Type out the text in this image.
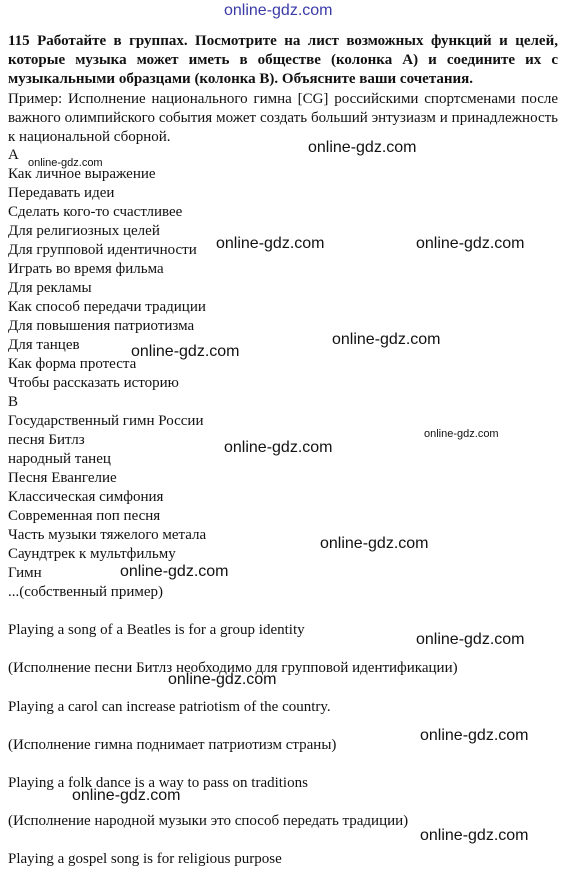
online-gdz.com
115 Работайте в группах. Посмотрите на лист возможных функций и целей, которые музыка может иметь в обществе (колонка А) и соедините их с музыкальными образцами (колонка В). Объясните ваши сочетания.
Пример: Исполнение национального гимна [CG] российскими спортсменами после важного олимпийского события может создать больший энтузиазм и принадлежность к национальной сборной.
A
Как личное выражение
Передавать идеи
Сделать кого-то счастливее
Для религиозных целей
Для групповой идентичности
Играть во время фильма
Для рекламы
Как способ передачи традиции
Для повышения патриотизма
Для танцев
Как форма протеста
Чтобы рассказать историю
B
Государственный гимн России
песня Битлз
народный танец
Песня Евангелие
Классическая симфония
Современная поп песня
Часть музыки тяжелого метала
Саундтрек к мультфильму
Гимн
...(собственный пример)
Playing a song of a Beatles is for a group identity
(Исполнение песни Битлз необходимо для групповой идентификации)
Playing a carol can increase patriotism of the country.
(Исполнение гимна поднимает патриотизм страны)
Playing a folk dance is a way to pass on traditions
(Исполнение народной музыки это способ передать традиции)
Playing a gospel song is for religious purpose
online-gdz.com
online-gdz.com
online-gdz.com	online-gdz.com
online-gdz.com
online-gdz.com
online-gdz.com
online-gdz.com
online-gdz.com
online-gdz.com
online-gdz.com
online-gdz.com
online-gdz.com
online-gdz.com
online-gdz.com
